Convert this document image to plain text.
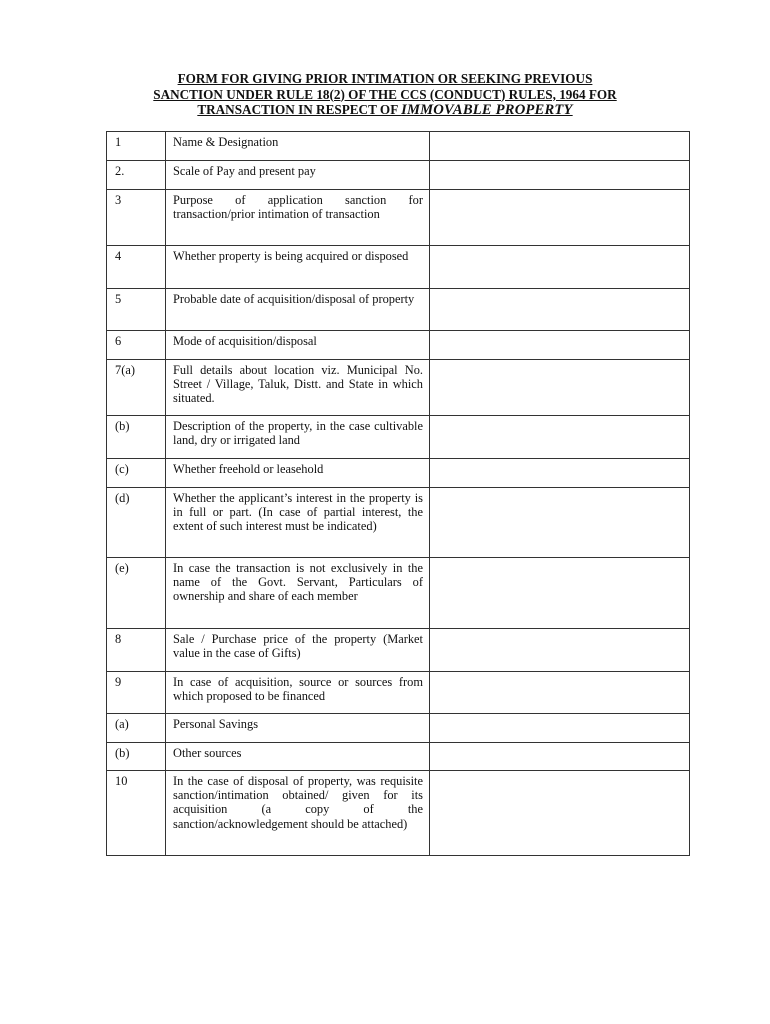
FORM FOR GIVING PRIOR INTIMATION OR SEEKING PREVIOUS
SANCTION UNDER RULE 18(2) OF THE CCS (CONDUCT) RULES, 1964 FOR
TRANSACTION IN RESPECT OF IMMOVABLE PROPERTY
1	Name & Designation	

2.	Scale of Pay and present pay	

3	Purpose of application sanction for transaction/prior intimation of transaction	

4	Whether property is being acquired or disposed	

5	Probable date of acquisition/disposal of property	

6	Mode of acquisition/disposal	

7(a)	Full details about location viz. Municipal No. Street / Village, Taluk, Distt. and State in which situated.	

(b)	Description of the property, in the case cultivable land, dry or irrigated land	

(c)	Whether freehold or leasehold	

(d)	Whether the applicant’s interest in the property is in full or part. (In case of partial interest, the extent of such interest must be indicated)	

(e)	In case the transaction is not exclusively in the name of the Govt. Servant, Particulars of ownership and share of each member	

8	Sale / Purchase price of the property (Market value in the case of Gifts)	

9	In case of acquisition, source or sources from which proposed to be financed	

(a)	Personal Savings	

(b)	Other sources	

10	In the case of disposal of property, was requisite sanction/intimation obtained/ given for its acquisition (a copy of the sanction/acknowledgement should be attached)	
